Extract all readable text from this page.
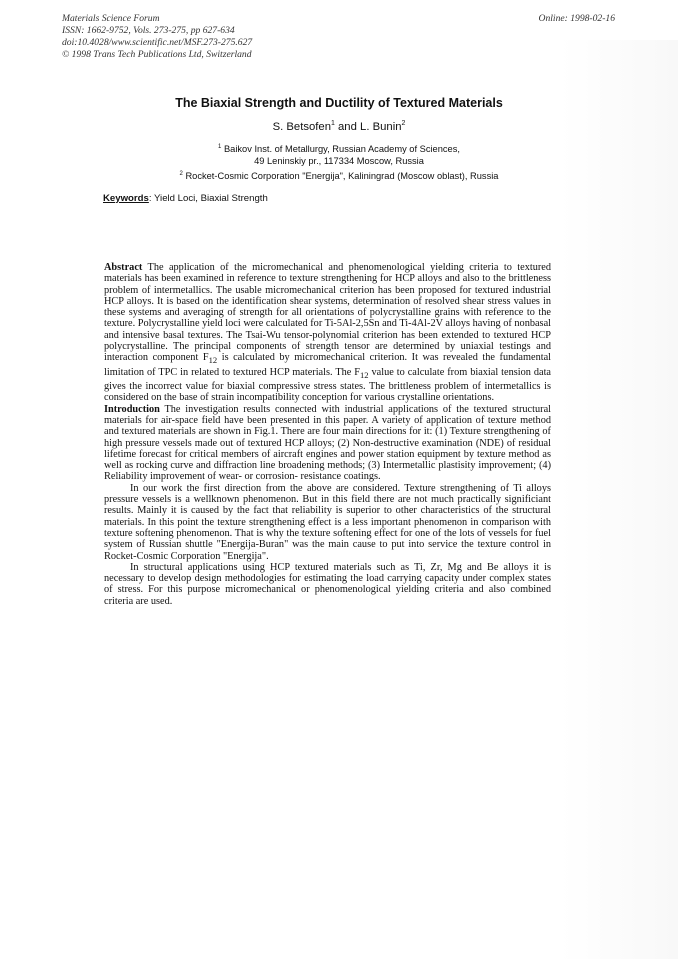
Materials Science Forum
ISSN: 1662-9752, Vols. 273-275, pp 627-634
doi:10.4028/www.scientific.net/MSF.273-275.627
© 1998 Trans Tech Publications Ltd, Switzerland
Online: 1998-02-16
The Biaxial Strength and Ductility of Textured Materials
S. Betsofen$^1$ and L. Bunin$^2$
$^1$ Baikov Inst. of Metallurgy, Russian Academy of Sciences,
49 Leninskiy pr., 117334 Moscow, Russia
$^2$ Rocket-Cosmic Corporation "Energija", Kaliningrad (Moscow oblast), Russia
Keywords: Yield Loci, Biaxial Strength

Abstract The application of the micromechanical and phenomenological yielding criteria to textured materials has been examined in reference to texture strengthening for HCP alloys and also to the brittleness problem of intermetallics. The usable micromechanical criterion has been proposed for textured industrial HCP alloys. It is based on the identification shear systems, determination of resolved shear stress values in these systems and averaging of strength for all orientations of polycrystalline grains with reference to the texture. Polycrystalline yield loci were calculated for Ti-5Al-2,5Sn and Ti-4Al-2V alloys having of nonbasal and intensive basal textures. The Tsai-Wu tensor-polynomial criterion has been extended to textured HCP polycrystalline. The principal components of strength tensor are determined by uniaxial testings and interaction component $F_{12}$ is calculated by micromechanical criterion. It was revealed the fundamental limitation of TPC in related to textured HCP materials. The $F_{12}$ value to calculate from biaxial tension data gives the incorrect value for biaxial compressive stress states. The brittleness problem of intermetallics is considered on the base of strain incompatibility conception for various crystalline orientations.

Introduction The investigation results connected with industrial applications of the textured structural materials for air-space field have been presented in this paper. A variety of application of texture method and textured materials are shown in Fig.1. There are four main directions for it: (1) Texture strengthening of high pressure vessels made out of textured HCP alloys; (2) Non-destructive examination (NDE) of residual lifetime forecast for critical members of aircraft engines and power station equipment by texture method as well as rocking curve and diffraction line broadening methods; (3) Intermetallic plastisity improvement; (4) Reliability improvement of wear- or corrosion- resistance coatings.

In our work the first direction from the above are considered. Texture strengthening of Ti alloys pressure vessels is a wellknown phenomenon. But in this field there are not much practically significiant results. Mainly it is caused by the fact that reliability is superior to other characteristics of the structural materials. In this point the texture strengthening effect is a less important phenomenon in comparison with texture softening phenomenon. That is why the texture softening effect for one of the lots of vessels for fuel system of Russian shuttle "Energija-Buran" was the main cause to put into service the texture control in Rocket-Cosmic Corporation "Energija".

In structural applications using HCP textured materials such as Ti, Zr, Mg and Be alloys it is necessary to develop design methodologies for estimating the load carrying capacity under complex states of stress. For this purpose micromechanical or phenomenological yielding criteria and also combined criteria are used.
